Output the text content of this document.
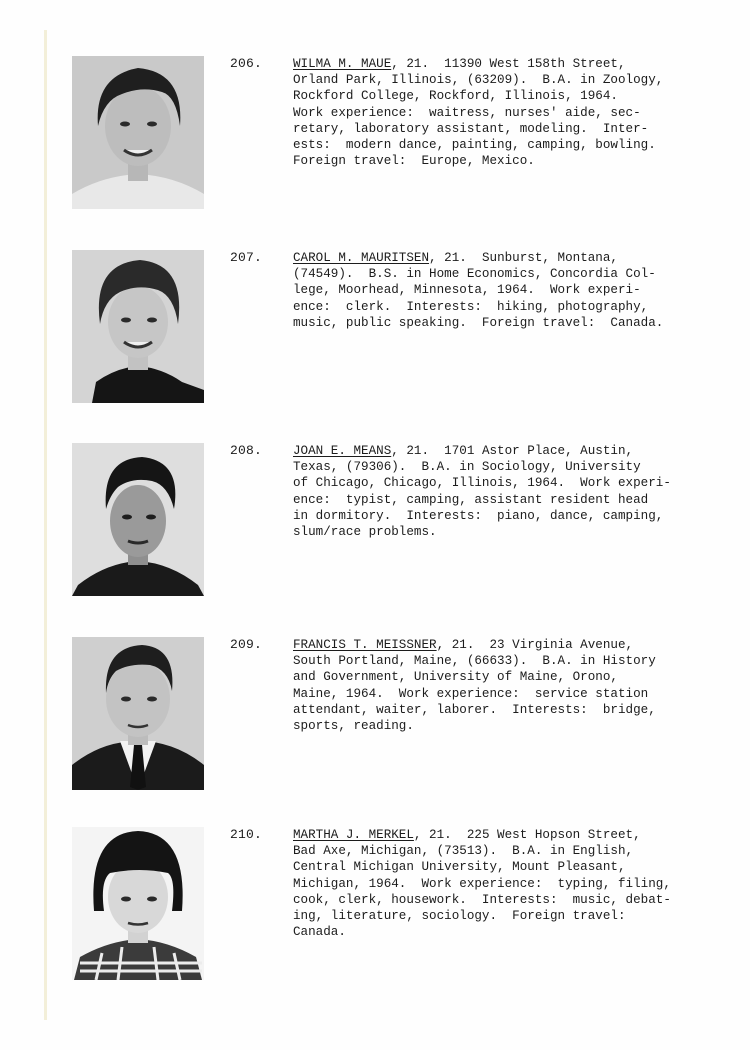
206. WILMA M. MAUE, 21.  11390 West 158th Street,
Orland Park, Illinois, (63209).  B.A. in Zoology,
Rockford College, Rockford, Illinois, 1964.
Work experience:  waitress, nurses' aide, sec-
retary, laboratory assistant, modeling.  Inter-
ests:  modern dance, painting, camping, bowling.
Foreign travel:  Europe, Mexico.

207. CAROL M. MAURITSEN, 21.  Sunburst, Montana,
(74549).  B.S. in Home Economics, Concordia Col-
lege, Moorhead, Minnesota, 1964.  Work experi-
ence:  clerk.  Interests:  hiking, photography,
music, public speaking.  Foreign travel:  Canada.

208. JOAN E. MEANS, 21.  1701 Astor Place, Austin,
Texas, (79306).  B.A. in Sociology, University
of Chicago, Chicago, Illinois, 1964.  Work experi-
ence:  typist, camping, assistant resident head
in dormitory.  Interests:  piano, dance, camping,
slum/race problems.

209. FRANCIS T. MEISSNER, 21.  23 Virginia Avenue,
South Portland, Maine, (66633).  B.A. in History
and Government, University of Maine, Orono,
Maine, 1964.  Work experience:  service station
attendant, waiter, laborer.  Interests:  bridge,
sports, reading.

210. MARTHA J. MERKEL, 21.  225 West Hopson Street,
Bad Axe, Michigan, (73513).  B.A. in English,
Central Michigan University, Mount Pleasant,
Michigan, 1964.  Work experience:  typing, filing,
cook, clerk, housework.  Interests:  music, debat-
ing, literature, sociology.  Foreign travel:
Canada.
